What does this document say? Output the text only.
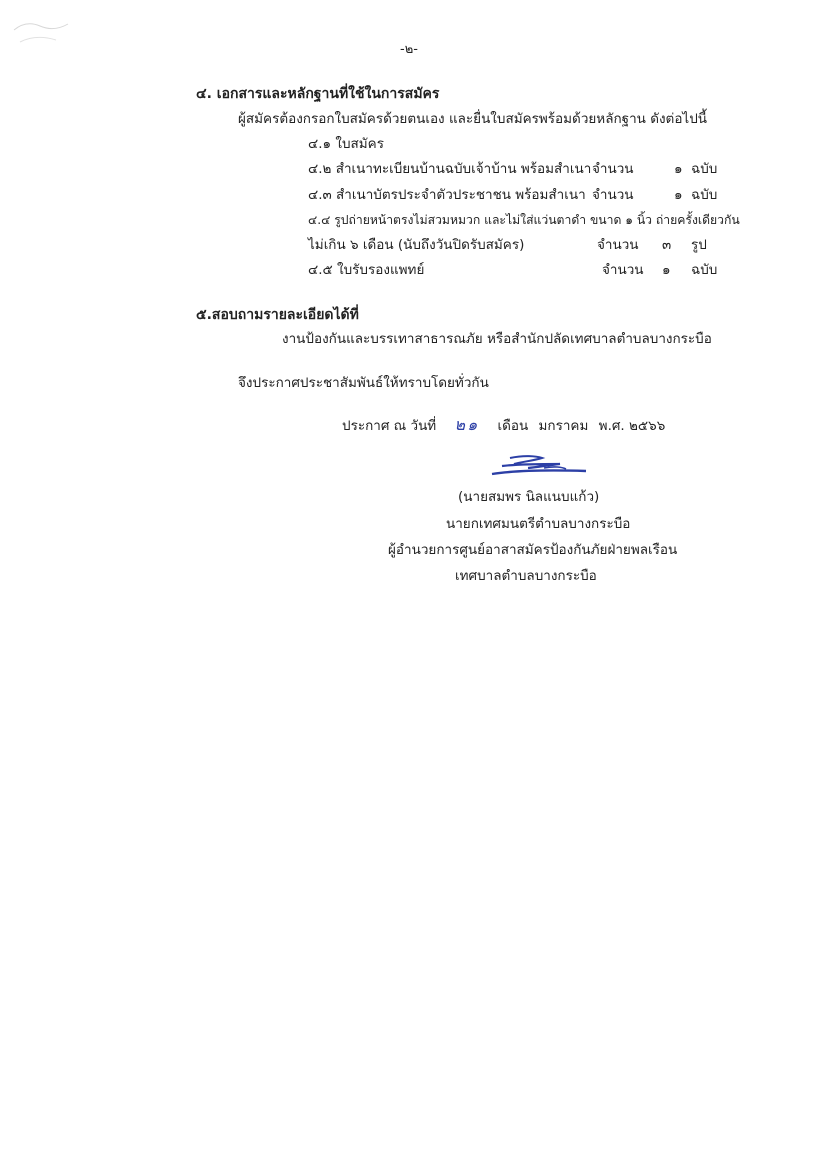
-๒-
๔. เอกสารและหลักฐานที่ใช้ในการสมัคร
ผู้สมัครต้องกรอกใบสมัครด้วยตนเอง และยื่นใบสมัครพร้อมด้วยหลักฐาน ดังต่อไปนี้
๔.๑ ใบสมัคร
๔.๒ สำเนาทะเบียนบ้านฉบับเจ้าบ้าน พร้อมสำเนา จำนวน	๑ ฉบับ
๔.๓ สำเนาบัตรประจำตัวประชาชน พร้อมสำเนา จำนวน	๑ ฉบับ
๔.๔ รูปถ่ายหน้าตรงไม่สวมหมวก และไม่ใส่แว่นตาดำ ขนาด ๑ นิ้ว ถ่ายครั้งเดียวกัน
ไม่เกิน ๖ เดือน (นับถึงวันปิดรับสมัคร)	จำนวน ๓ รูป
๔.๕ ใบรับรองแพทย์	จำนวน ๑ ฉบับ
๕.สอบถามรายละเอียดได้ที่
งานป้องกันและบรรเทาสาธารณภัย หรือสำนักปลัดเทศบาลตำบลบางกระบือ
จึงประกาศประชาสัมพันธ์ให้ทราบโดยทั่วกัน
ประกาศ ณ วันที่ ๒๑ เดือน มกราคม พ.ศ. ๒๕๖๖
(นายสมพร นิลแนบแก้ว)
นายกเทศมนตรีตำบลบางกระบือ
ผู้อำนวยการศูนย์อาสาสมัครป้องกันภัยฝ่ายพลเรือน
เทศบาลตำบลบางกระบือ
